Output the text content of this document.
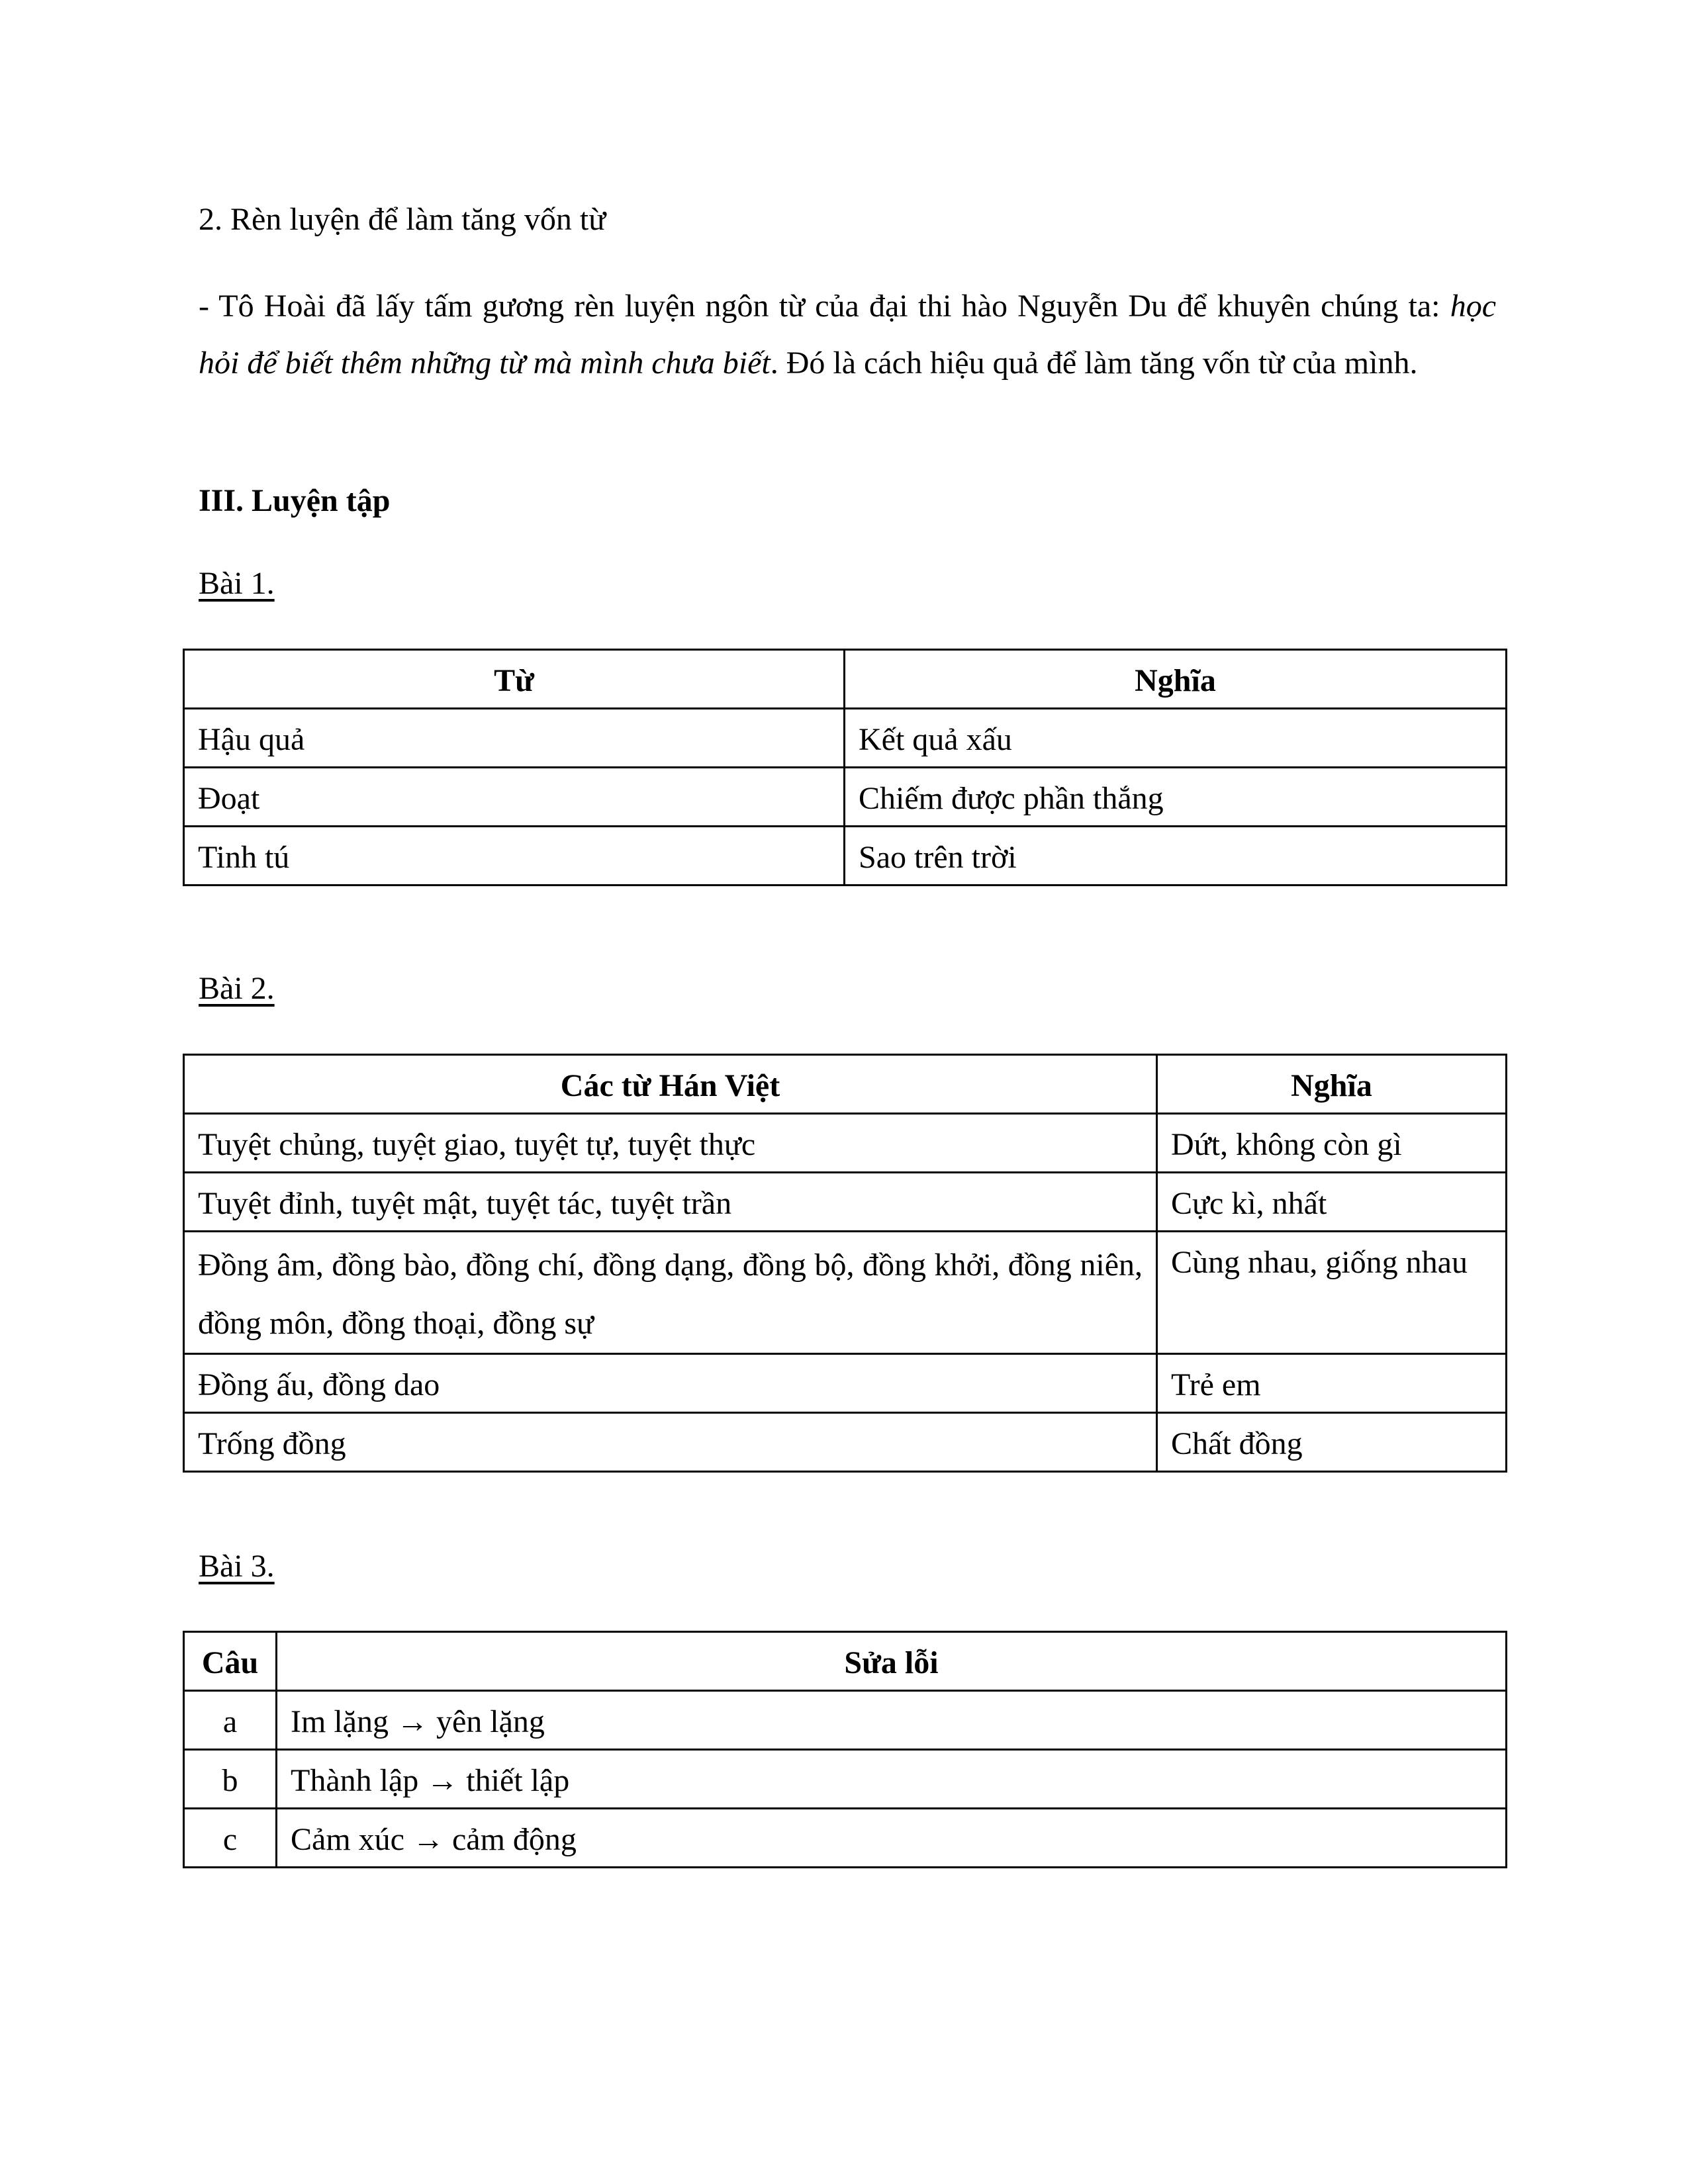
2. Rèn luyện để làm tăng vốn từ

- Tô Hoài đã lấy tấm gương rèn luyện ngôn từ của đại thi hào Nguyễn Du để khuyên chúng ta: học hỏi để biết thêm những từ mà mình chưa biết. Đó là cách hiệu quả để làm tăng vốn từ của mình.

III. Luyện tập

Bài 1.

Từ	Nghĩa
Hậu quả	Kết quả xấu
Đoạt	Chiếm được phần thắng
Tinh tú	Sao trên trời

Bài 2.

Các từ Hán Việt	Nghĩa
Tuyệt chủng, tuyệt giao, tuyệt tự, tuyệt thực	Dứt, không còn gì
Tuyệt đỉnh, tuyệt mật, tuyệt tác, tuyệt trần	Cực kì, nhất
Đồng âm, đồng bào, đồng chí, đồng dạng, đồng bộ, đồng khởi, đồng niên, đồng môn, đồng thoại, đồng sự	Cùng nhau, giống nhau
Đồng ấu, đồng dao	Trẻ em
Trống đồng	Chất đồng

Bài 3.

Câu	Sửa lỗi
a	Im lặng → yên lặng
b	Thành lập → thiết lập
c	Cảm xúc → cảm động
